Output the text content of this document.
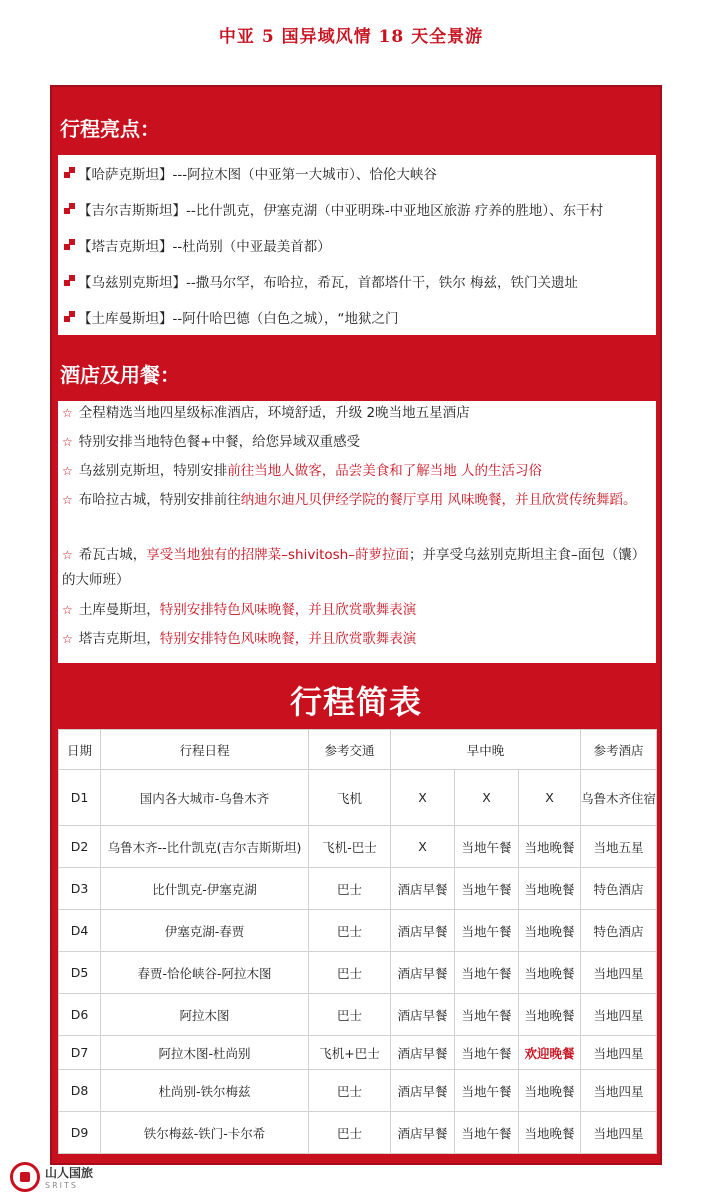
中亚 5 国异域风情 18 天全景游
行程亮点：
【哈萨克斯坦】---阿拉木图（中亚第一大城市）、恰伦大峡谷
【吉尔吉斯斯坦】--比什凯克，伊塞克湖（中亚明珠-中亚地区旅游 疗养的胜地）、东干村
【塔吉克斯坦】--杜尚别（中亚最美首都）
【乌兹别克斯坦】--撒马尔罕，布哈拉，希瓦，首都塔什干，铁尔 梅兹，铁门关遗址
【土库曼斯坦】--阿什哈巴德（白色之城），“地狱之门
酒店及用餐：
☆ 全程精选当地四星级标准酒店，环境舒适，升级 2晚当地五星酒店
☆ 特别安排当地特色餐+中餐，给您异域双重感受
☆ 乌兹别克斯坦，特别安排前往当地人做客，品尝美食和了解当地 人的生活习俗
☆ 布哈拉古城，特别安排前往纳迪尔迪凡贝伊经学院的餐厅享用 风味晚餐，并且欣赏传统舞蹈。
☆ 希瓦古城，享受当地独有的招牌菜–shivitosh–莳萝拉面；并享受乌兹别克斯坦主食–面包（馕）的大师班）
☆ 土库曼斯坦，特别安排特色风味晚餐，并且欣赏歌舞表演
☆ 塔吉克斯坦，特别安排特色风味晚餐，并且欣赏歌舞表演
行程简表
日期	行程日程	参考交通	早中晚			参考酒店
D1	国内各大城市-乌鲁木齐	飞机	X	X	X	乌鲁木齐住宿
D2	乌鲁木齐--比什凯克(吉尔吉斯斯坦)	飞机-巴士	X	当地午餐	当地晚餐	当地五星
D3	比什凯克-伊塞克湖	巴士	酒店早餐	当地午餐	当地晚餐	特色酒店
D4	伊塞克湖-春贾	巴士	酒店早餐	当地午餐	当地晚餐	特色酒店
D5	春贾-恰伦峡谷-阿拉木图	巴士	酒店早餐	当地午餐	当地晚餐	当地四星
D6	阿拉木图	巴士	酒店早餐	当地午餐	当地晚餐	当地四星
D7	阿拉木图-杜尚别	飞机+巴士	酒店早餐	当地午餐	欢迎晚餐	当地四星
D8	杜尚别-铁尔梅兹	巴士	酒店早餐	当地午餐	当地晚餐	当地四星
D9	铁尔梅兹-铁门-卡尔希	巴士	酒店早餐	当地午餐	当地晚餐	当地四星
山人国旅
SRITS
